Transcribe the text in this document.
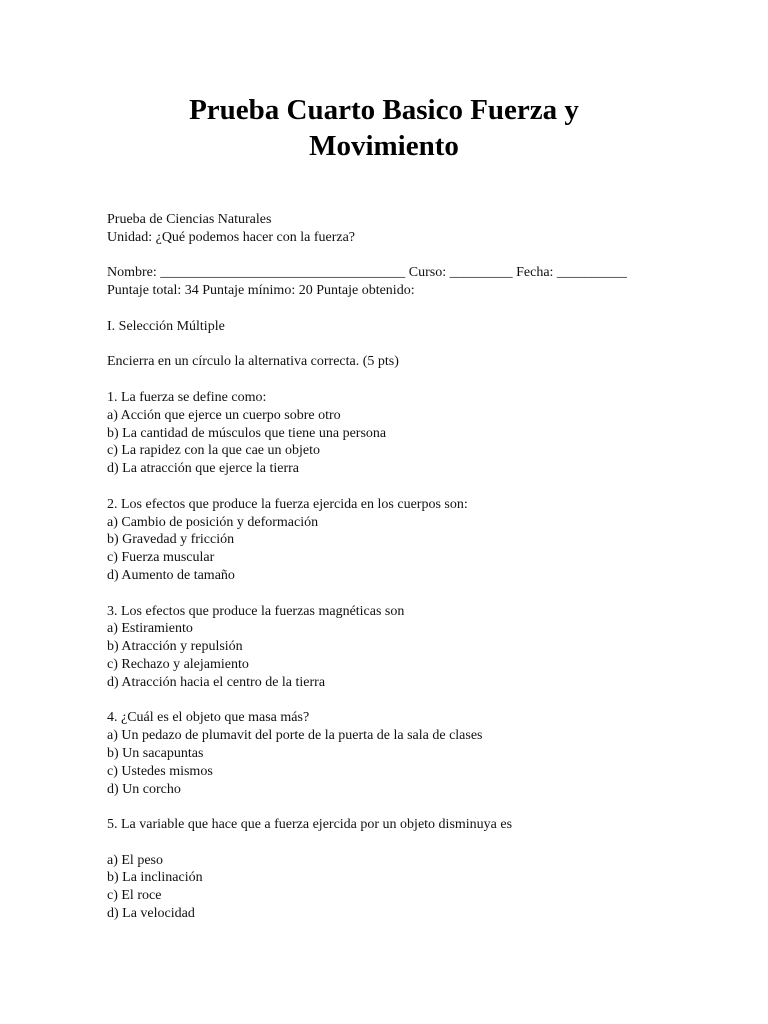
Prueba Cuarto Basico Fuerza y
Movimiento

Prueba de Ciencias Naturales

Unidad: ¿Qué podemos hacer con la fuerza?

Nombre: ___________________________________ Curso: _________ Fecha: __________

Puntaje total: 34 Puntaje mínimo: 20 Puntaje obtenido:

I. Selección Múltiple

Encierra en un círculo la alternativa correcta. (5 pts)

1. La fuerza se define como:

a) Acción que ejerce un cuerpo sobre otro

b) La cantidad de músculos que tiene una persona

c) La rapidez con la que cae un objeto

d) La atracción que ejerce la tierra

2. Los efectos que produce la fuerza ejercida en los cuerpos son:

a) Cambio de posición y deformación

b) Gravedad y fricción

c) Fuerza muscular

d) Aumento de tamaño

3. Los efectos que produce la fuerzas magnéticas son

a) Estiramiento

b) Atracción y repulsión

c) Rechazo y alejamiento

d) Atracción hacia el centro de la tierra

4. ¿Cuál es el objeto que masa más?

a) Un pedazo de plumavit del porte de la puerta de la sala de clases

b) Un sacapuntas

c) Ustedes mismos

d) Un corcho

5. La variable que hace que a fuerza ejercida por un objeto disminuya es

a) El peso

b) La inclinación

c) El roce

d) La velocidad
